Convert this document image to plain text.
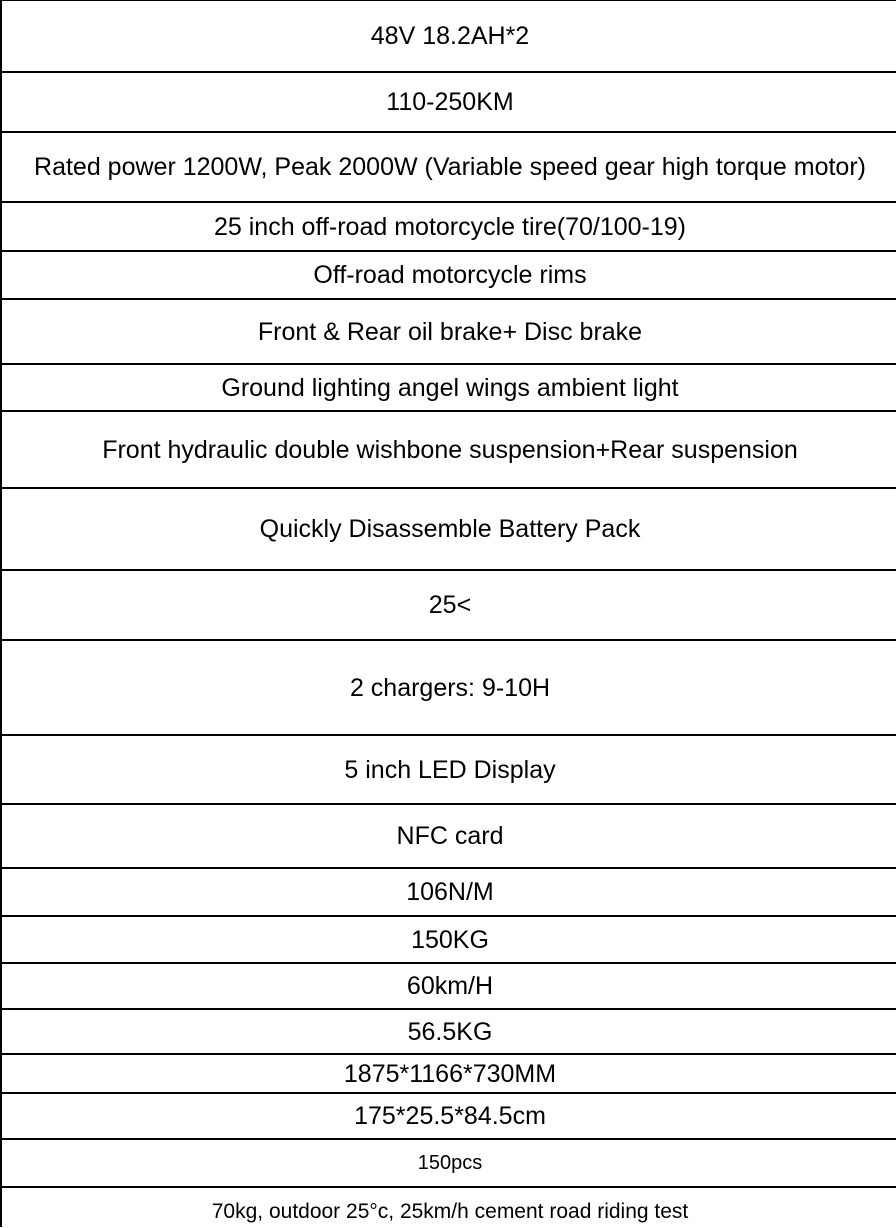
48V 18.2AH*2
110-250KM
Rated power 1200W, Peak 2000W (Variable speed gear high torque motor)
25 inch off-road motorcycle tire(70/100-19)
Off-road motorcycle rims
Front & Rear oil brake+ Disc brake
Ground lighting angel wings ambient light
Front hydraulic double wishbone suspension+Rear suspension
Quickly Disassemble Battery Pack
25<
2 chargers: 9-10H
5 inch LED Display
NFC card
106N/M
150KG
60km/H
56.5KG
1875*1166*730MM
175*25.5*84.5cm
150pcs
70kg, outdoor 25°c, 25km/h cement road riding test
